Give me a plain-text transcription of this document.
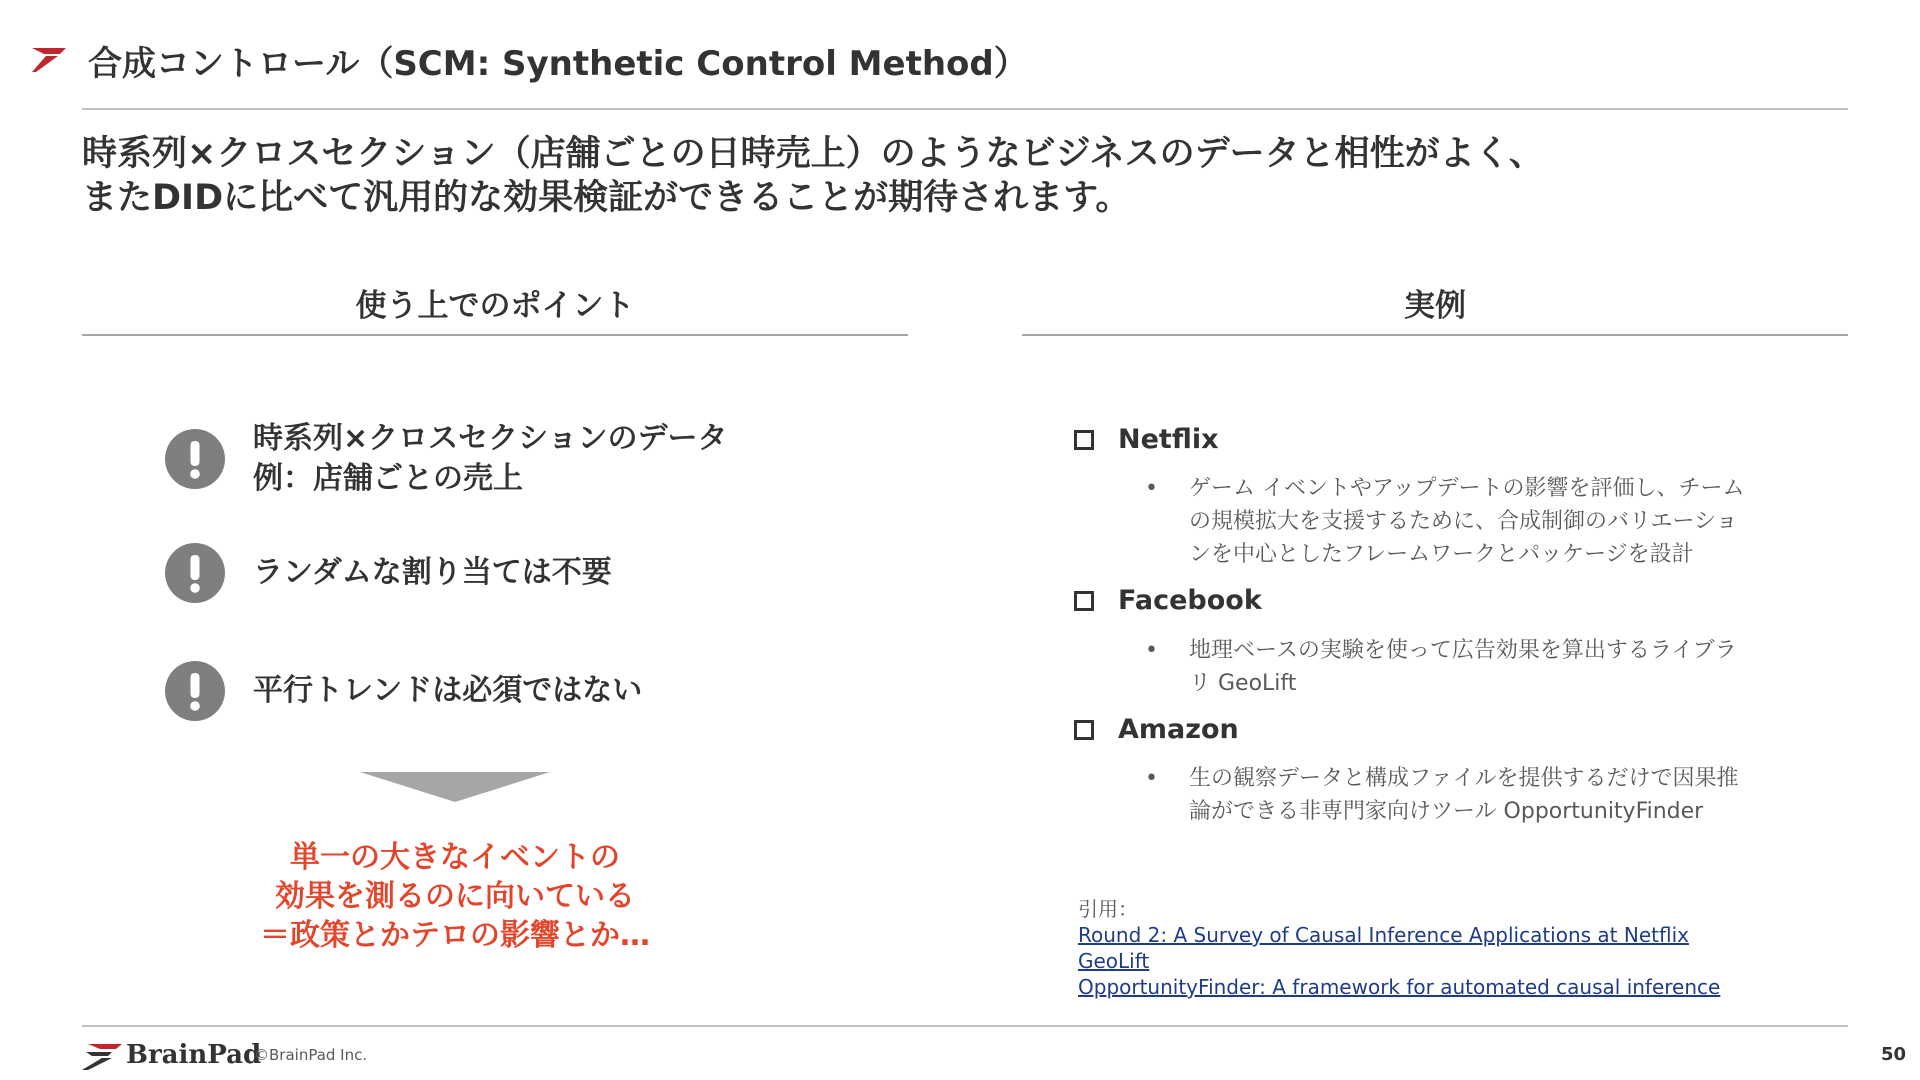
合成コントロール（SCM: Synthetic Control Method）
時系列×クロスセクション（店舗ごとの日時売上）のようなビジネスのデータと相性がよく、
またDIDに比べて汎用的な効果検証ができることが期待されます。
使う上でのポイント	実例
時系列×クロスセクションのデータ
例：店舗ごとの売上
ランダムな割り当ては不要
平行トレンドは必須ではない
単一の大きなイベントの
効果を測るのに向いている
＝政策とかテロの影響とか…
Netflix
•	ゲーム イベントやアップデートの影響を評価し、チーム
の規模拡大を支援するために、合成制御のバリエーショ
ンを中心としたフレームワークとパッケージを設計
Facebook
•	地理ベースの実験を使って広告効果を算出するライブラ
リ GeoLift
Amazon
•	生の観察データと構成ファイルを提供するだけで因果推
論ができる非専門家向けツール OpportunityFinder
引用：
Round 2: A Survey of Causal Inference Applications at Netflix
GeoLift
OpportunityFinder: A framework for automated causal inference
BrainPad
©BrainPad Inc.	50
